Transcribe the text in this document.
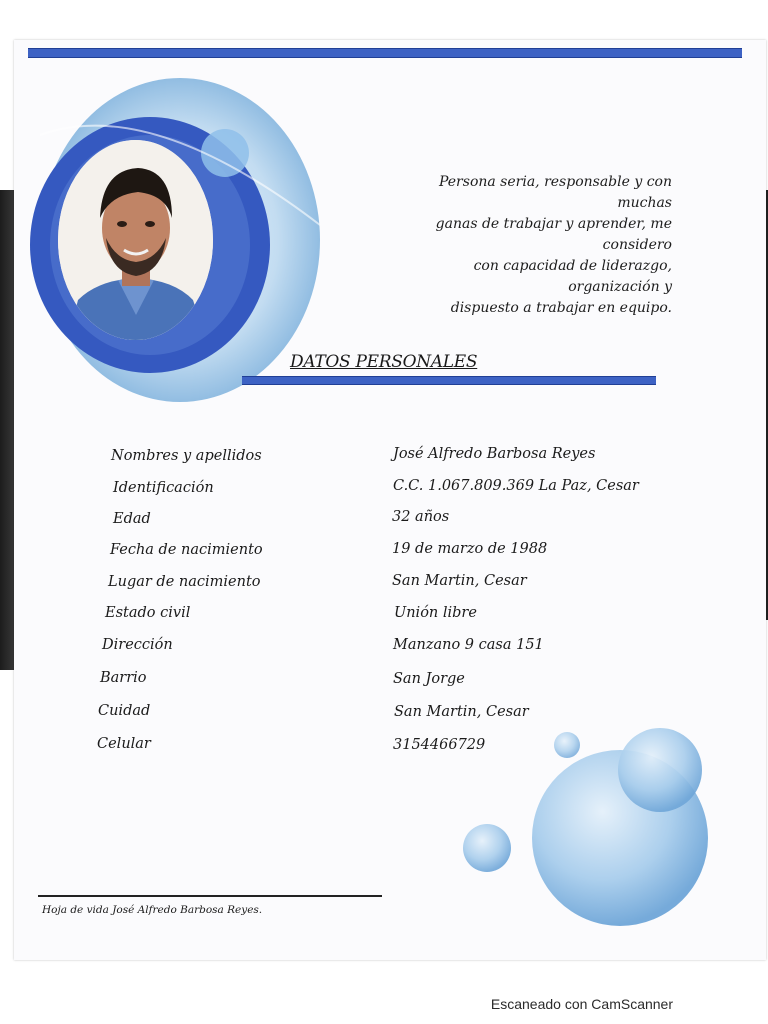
Persona seria, responsable y con muchas
ganas de trabajar y aprender, me considero
con capacidad de liderazgo, organización y
dispuesto a trabajar en equipo.
DATOS PERSONALES
Nombres y apellidos	José Alfredo Barbosa Reyes
Identificación	C.C. 1.067.809.369 La Paz, Cesar
Edad	32 años
Fecha de nacimiento	19 de marzo de 1988
Lugar de nacimiento	San Martin, Cesar
Estado civil	Unión libre
Dirección	Manzano 9 casa 151
Barrio	San Jorge
Cuidad	San Martin, Cesar
Celular	3154466729
Hoja de vida José Alfredo Barbosa Reyes.
Escaneado con CamScanner
